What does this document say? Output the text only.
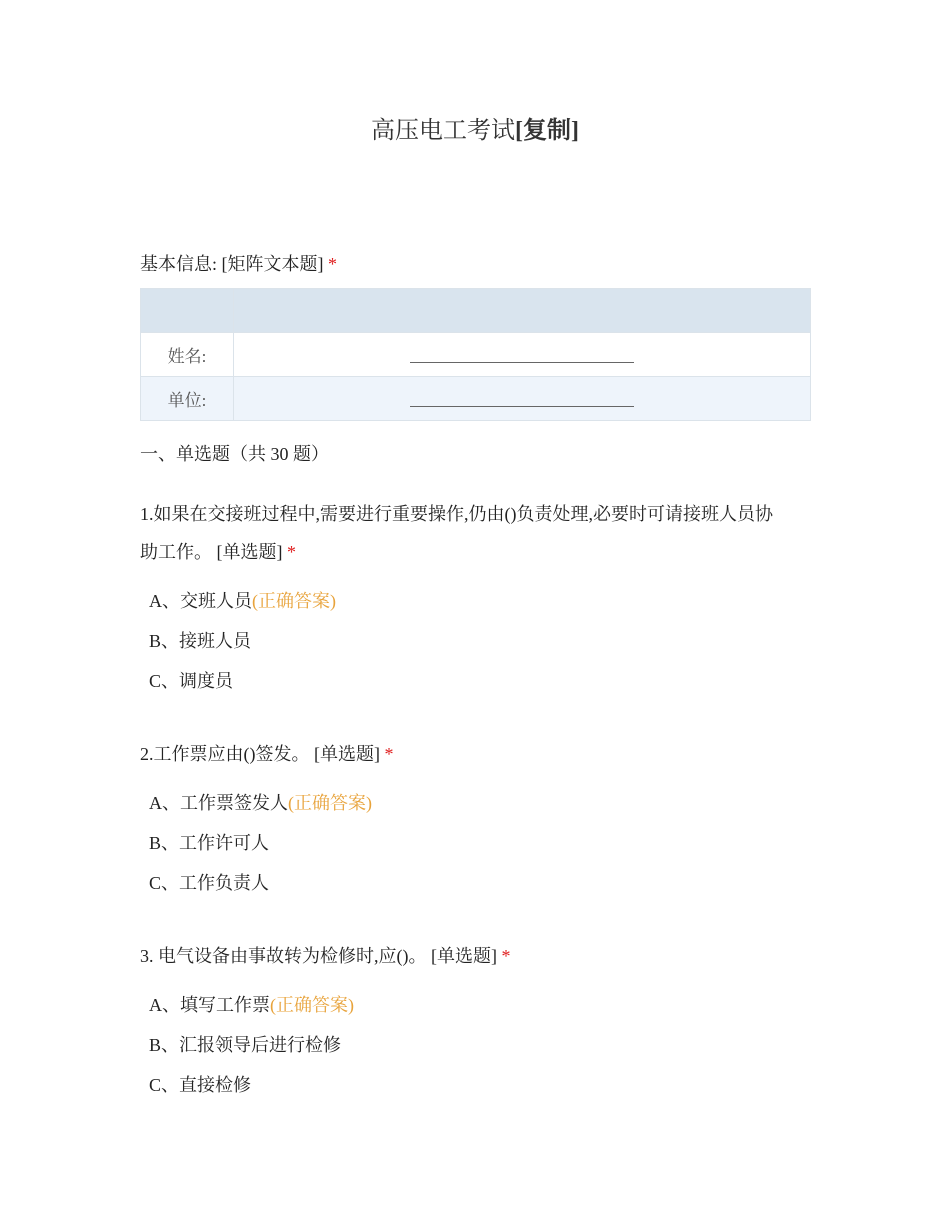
高压电工考试[复制]
基本信息: [矩阵文本题] *

姓名:	
单位:	
一、单选题（共 30 题）
1.如果在交接班过程中,需要进行重要操作,仍由()负责处理,必要时可请接班人员协
助工作。 [单选题] *
A、交班人员(正确答案)
B、接班人员
C、调度员
2.工作票应由()签发。 [单选题] *
A、工作票签发人(正确答案)
B、工作许可人
C、工作负责人
3. 电气设备由事故转为检修时,应()。 [单选题] *
A、填写工作票(正确答案)
B、汇报领导后进行检修
C、直接检修
